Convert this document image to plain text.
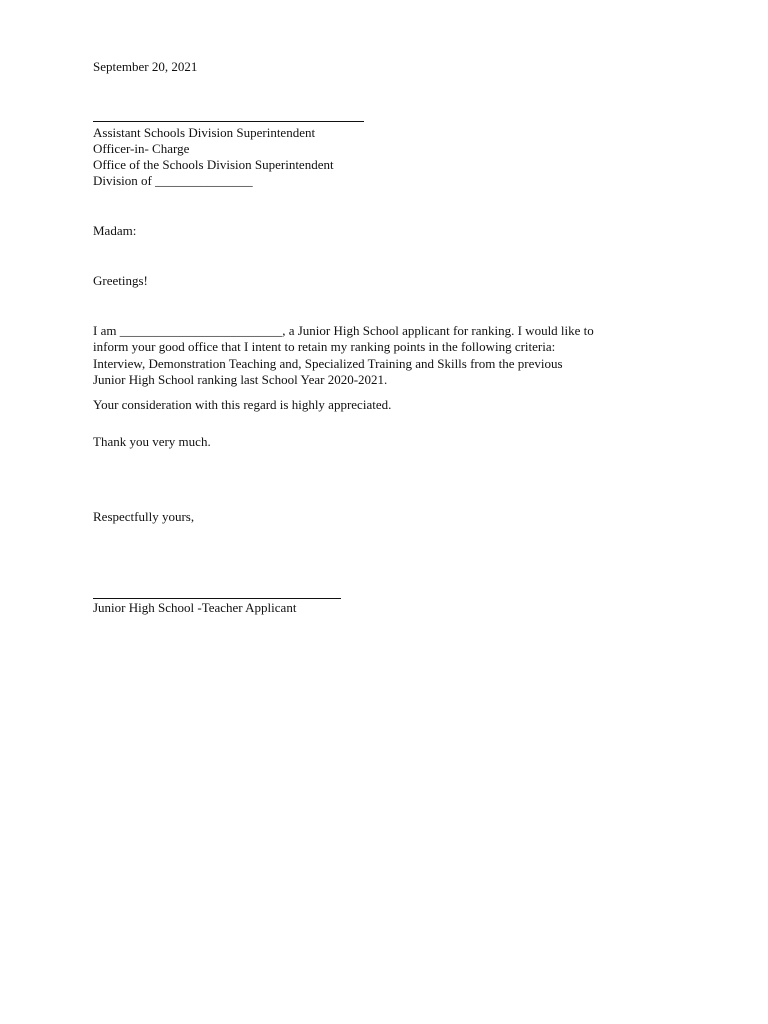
September 20, 2021
Assistant Schools Division Superintendent
Officer-in- Charge
Office of the Schools Division Superintendent
Division of _______________
Madam:
Greetings!
I am _________________________, a Junior High School applicant for ranking. I would like to
inform your good office that I intent to retain my ranking points in the following criteria:
Interview, Demonstration Teaching and, Specialized Training and Skills from the previous
Junior High School ranking last School Year 2020-2021.
Your consideration with this regard is highly appreciated.
Thank you very much.
Respectfully yours,
Junior High School -Teacher Applicant
